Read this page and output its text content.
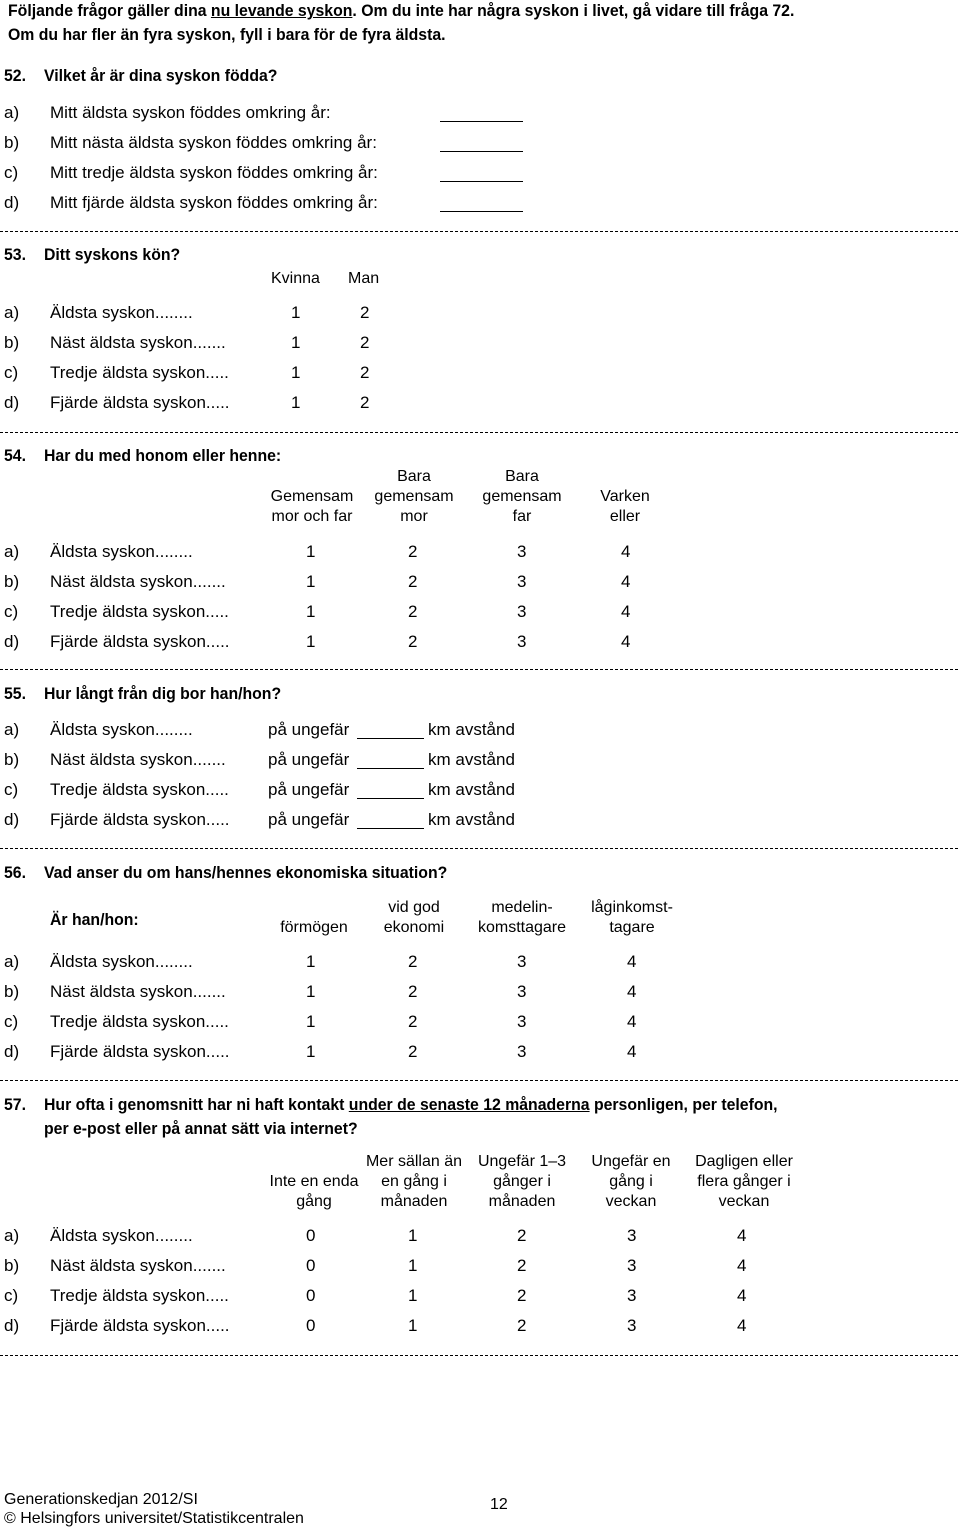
Följande frågor gäller dina nu levande syskon. Om du inte har några syskon i livet, gå vidare till fråga 72.
Om du har fler än fyra syskon, fyll i bara för de fyra äldsta.
52. Vilket år är dina syskon födda?
a) Mitt äldsta syskon föddes omkring år:
b) Mitt nästa äldsta syskon föddes omkring år:
c) Mitt tredje äldsta syskon föddes omkring år:
d) Mitt fjärde äldsta syskon föddes omkring år:
53. Ditt syskons kön?
Kvinna Man
a) Äldsta syskon........	1	2
b) Näst äldsta syskon.......	1	2
c) Tredje äldsta syskon.....	1	2
d) Fjärde äldsta syskon.....	1	2
54. Har du med honom eller henne:
Gemensam mor och far
Bara gemensam mor
Bara gemensam far
Varken eller
a) Äldsta syskon........	1	2	3	4
b) Näst äldsta syskon.......	1	2	3	4
c) Tredje äldsta syskon.....	1	2	3	4
d) Fjärde äldsta syskon.....	1	2	3	4
55. Hur långt från dig bor han/hon?
a) Äldsta syskon........	på ungefär	km avstånd
b) Näst äldsta syskon....... på ungefär	km avstånd
c) Tredje äldsta syskon..... på ungefär	km avstånd
d) Fjärde äldsta syskon..... på ungefär	km avstånd
56. Vad anser du om hans/hennes ekonomiska situation?
Är han/hon:	förmögen
vid god ekonomi
medelin-komsttagare
låginkomst-tagare
a) Äldsta syskon........	1	2	3	4
b) Näst äldsta syskon.......	1	2	3	4
c) Tredje äldsta syskon.....	1	2	3	4
d) Fjärde äldsta syskon.....	1	2	3	4
57. Hur ofta i genomsnitt har ni haft kontakt under de senaste 12 månaderna personligen, per telefon,
per e-post eller på annat sätt via internet?
Inte en enda gång
Mer sällan än en gång i månaden
Ungefär 1–3 gånger i månaden
Ungefär en gång i veckan
Dagligen eller flera gånger i veckan
a) Äldsta syskon........	0	1	2	3	4
b) Näst äldsta syskon.......	0	1	2	3	4
c) Tredje äldsta syskon.....	0	1	2	3	4
d) Fjärde äldsta syskon.....	0	1	2	3	4
Generationskedjan 2012/SI
© Helsingfors universitet/Statistikcentralen
12
